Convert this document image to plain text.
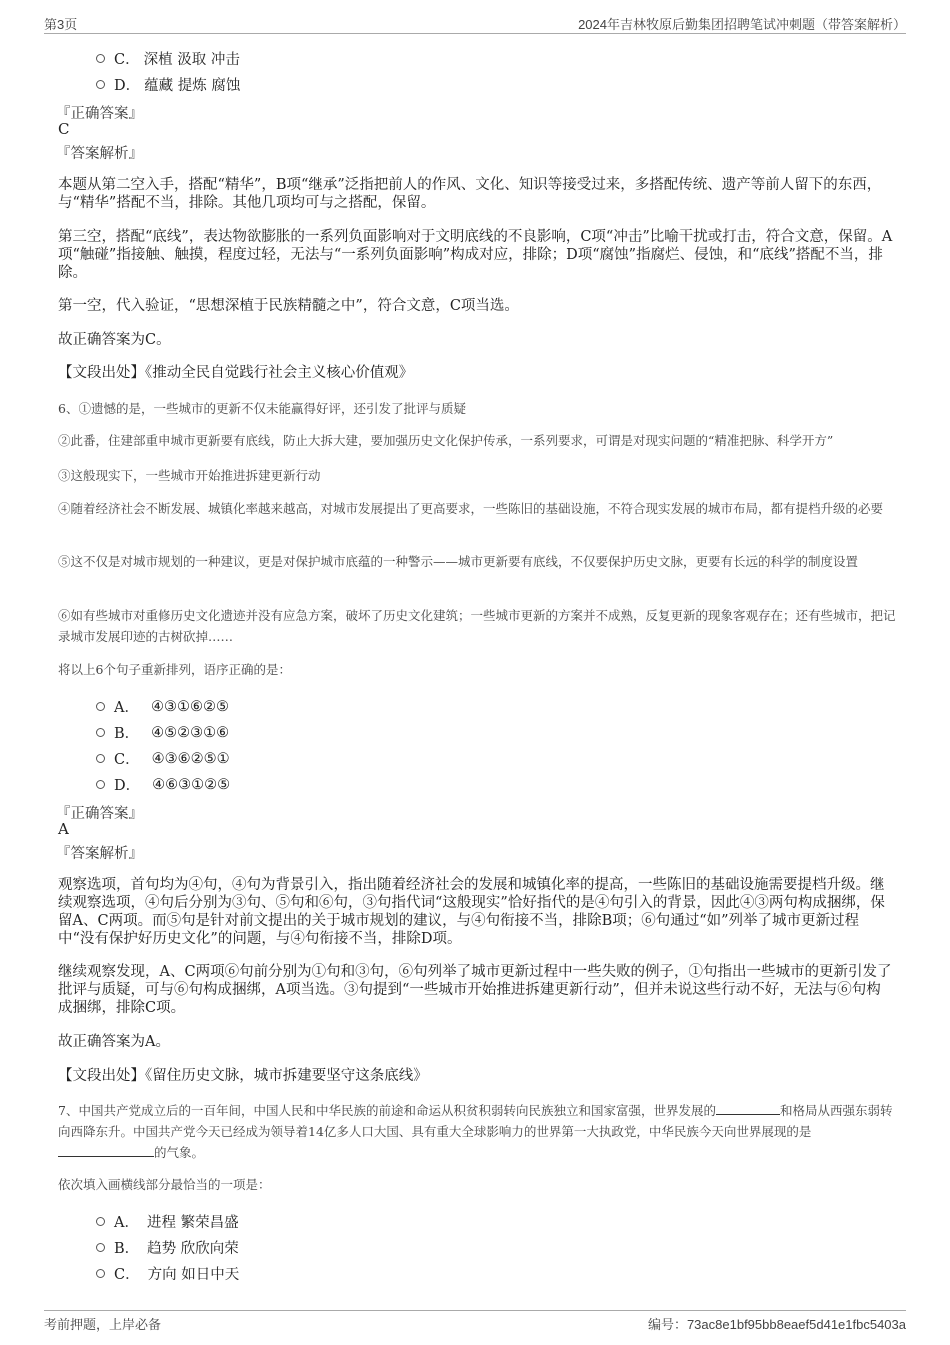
第3页	2024年吉林牧原后勤集团招聘笔试冲刺题（带答案解析）
C． 深植 汲取 冲击
D． 蕴藏 提炼 腐蚀
『正确答案』
C
『答案解析』
本题从第二空入手，搭配“精华”，B项“继承”泛指把前人的作风、文化、知识等接受过来，多搭配传统、遗产等前人留下的东西，与“精华”搭配不当，排除。其他几项均可与之搭配，保留。
第三空，搭配“底线”，表达物欲膨胀的一系列负面影响对于文明底线的不良影响，C项“冲击”比喻干扰或打击，符合文意，保留。A项“触碰”指接触、触摸，程度过轻，无法与“一系列负面影响”构成对应，排除；D项“腐蚀”指腐烂、侵蚀，和“底线”搭配不当，排除。
第一空，代入验证，“思想深植于民族精髓之中”，符合文意，C项当选。
故正确答案为C。
【文段出处】《推动全民自觉践行社会主义核心价值观》
6、①遗憾的是，一些城市的更新不仅未能赢得好评，还引发了批评与质疑
②此番，住建部重申城市更新要有底线，防止大拆大建，要加强历史文化保护传承，一系列要求，可谓是对现实问题的“精准把脉、科学开方”
③这般现实下，一些城市开始推进拆建更新行动
④随着经济社会不断发展、城镇化率越来越高，对城市发展提出了更高要求，一些陈旧的基础设施，不符合现实发展的城市布局，都有提档升级的必要
⑤这不仅是对城市规划的一种建议，更是对保护城市底蕴的一种警示——城市更新要有底线，不仅要保护历史文脉，更要有长远的科学的制度设置
⑥如有些城市对重修历史文化遗迹并没有应急方案，破坏了历史文化建筑；一些城市更新的方案并不成熟，反复更新的现象客观存在；还有些城市，把记录城市发展印迹的古树砍掉……
将以上6个句子重新排列，语序正确的是：
A． ④③①⑥②⑤
B． ④⑤②③①⑥
C． ④③⑥②⑤①
D． ④⑥③①②⑤
『正确答案』
A
『答案解析』
观察选项，首句均为④句，④句为背景引入，指出随着经济社会的发展和城镇化率的提高，一些陈旧的基础设施需要提档升级。继续观察选项，④句后分别为③句、⑤句和⑥句，③句指代词“这般现实”恰好指代的是④句引入的背景，因此④③两句构成捆绑，保留A、C两项。而⑤句是针对前文提出的关于城市规划的建议，与④句衔接不当，排除B项；⑥句通过“如”列举了城市更新过程中“没有保护好历史文化”的问题，与④句衔接不当，排除D项。
继续观察发现，A、C两项⑥句前分别为①句和③句，⑥句列举了城市更新过程中一些失败的例子，①句指出一些城市的更新引发了批评与质疑，可与⑥句构成捆绑，A项当选。③句提到“一些城市开始推进拆建更新行动”，但并未说这些行动不好，无法与⑥句构成捆绑，排除C项。
故正确答案为A。
【文段出处】《留住历史文脉，城市拆建要坚守这条底线》
7、中国共产党成立后的一百年间，中国人民和中华民族的前途和命运从积贫积弱转向民族独立和国家富强，世界发展的	和格局从西强东弱转向西降东升。中国共产党今天已经成为领导着14亿多人口大国、具有重大全球影响力的世界第一大执政党，中华民族今天向世界展现的是的气象。
依次填入画横线部分最恰当的一项是：
A． 进程 繁荣昌盛
B． 趋势 欣欣向荣
C． 方向 如日中天
考前押题，上岸必备	编号：73ac8e1bf95bb8eaef5d41e1fbc5403a
